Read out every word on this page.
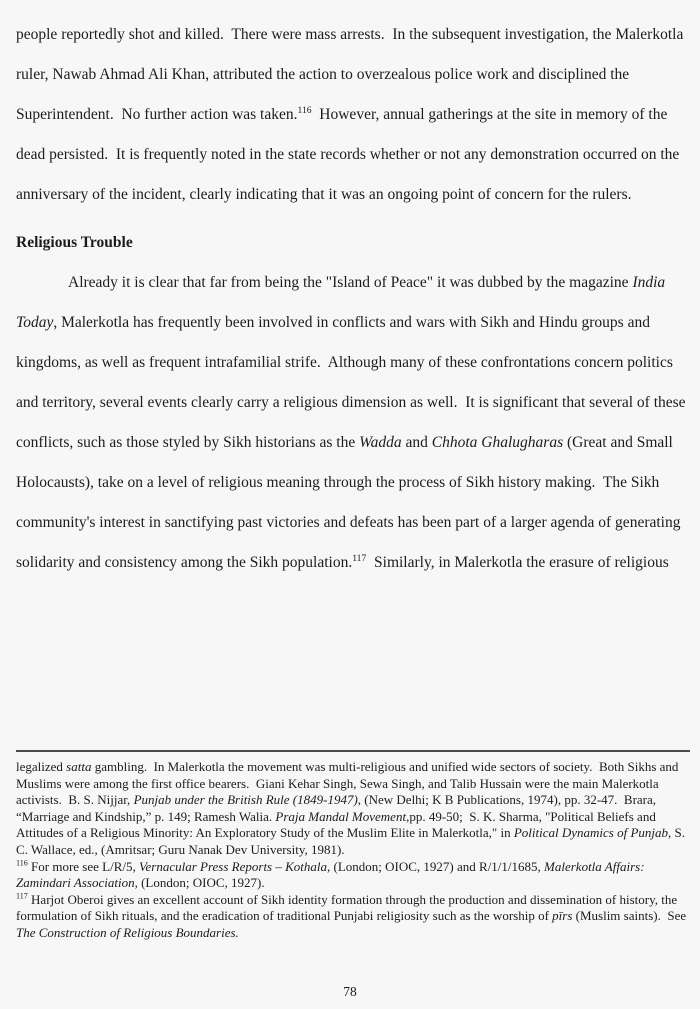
people reportedly shot and killed.  There were mass arrests.  In the subsequent investigation, the Malerkotla ruler, Nawab Ahmad Ali Khan, attributed the action to overzealous police work and disciplined the Superintendent.  No further action was taken.$^{116}$  However, annual gatherings at the site in memory of the dead persisted.  It is frequently noted in the state records whether or not any demonstration occurred on the anniversary of the incident, clearly indicating that it was an ongoing point of concern for the rulers.

Religious Trouble

Already it is clear that far from being the "Island of Peace" it was dubbed by the magazine India Today, Malerkotla has frequently been involved in conflicts and wars with Sikh and Hindu groups and kingdoms, as well as frequent intrafamilial strife.  Although many of these confrontations concern politics and territory, several events clearly carry a religious dimension as well.  It is significant that several of these conflicts, such as those styled by Sikh historians as the Wadda and Chhota Ghalugharas (Great and Small Holocausts), take on a level of religious meaning through the process of Sikh history making.  The Sikh community's interest in sanctifying past victories and defeats has been part of a larger agenda of generating solidarity and consistency among the Sikh population.$^{117}$  Similarly, in Malerkotla the erasure of religious

legalized satta gambling.  In Malerkotla the movement was multi-religious and unified wide sectors of society.  Both Sikhs and Muslims were among the first office bearers.  Giani Kehar Singh, Sewa Singh, and Talib Hussain were the main Malerkotla activists.  B. S. Nijjar, Punjab under the British Rule (1849-1947), (New Delhi; K B Publications, 1974), pp. 32-47.  Brara, “Marriage and Kindship,” p. 149; Ramesh Walia. Praja Mandal Movement,pp. 49-50;  S. K. Sharma, "Political Beliefs and Attitudes of a Religious Minority: An Exploratory Study of the Muslim Elite in Malerkotla," in Political Dynamics of Punjab, S. C. Wallace, ed., (Amritsar; Guru Nanak Dev University, 1981).

$^{116}$ For more see L/R/5, Vernacular Press Reports – Kothala, (London; OIOC, 1927) and R/1/1/1685, Malerkotla Affairs: Zamindari Association, (London; OIOC, 1927).

$^{117}$ Harjot Oberoi gives an excellent account of Sikh identity formation through the production and dissemination of history, the formulation of Sikh rituals, and the eradication of traditional Punjabi religiosity such as the worship of pīrs (Muslim saints).  See The Construction of Religious Boundaries.

78
